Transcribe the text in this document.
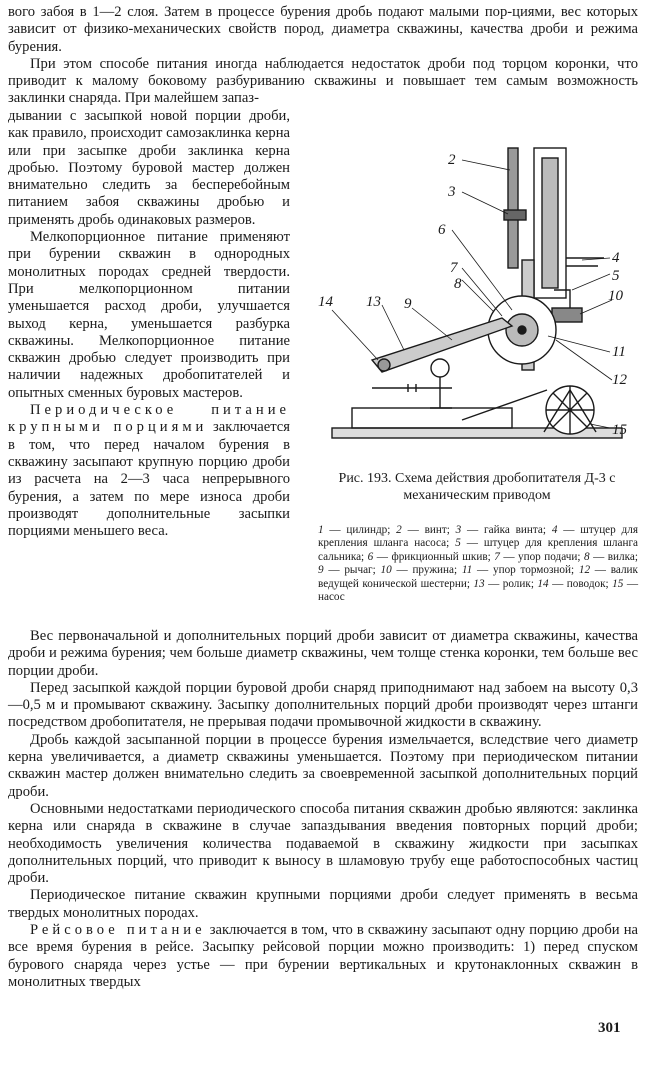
вого забоя в 1—2 слоя. Затем в процессе бурения дробь подают малыми пор-циями, вес которых зависит от физико-механических свойств пород, диаметра скважины, качества дроби и режима бурения.

При этом способе питания иногда наблюдается недостаток дроби под торцом коронки, что приводит к малому боковому разбуриванию скважины и повышает тем самым возможность заклинки снаряда. При малейшем запаз-

дывании с засыпкой новой порции дроби, как правило, происходит самозаклинка керна или при засыпке дроби заклинка керна дробью. Поэтому буровой мастер должен внимательно следить за бесперебойным питанием забоя скважины дробью и применять дробь одинаковых размеров.

Мелкопорционное питание применяют при бурении скважин в однородных монолитных породах средней твердости. При мелкопорционном питании уменьшается расход дроби, улучшается выход керна, уменьшается разбурка скважины. Мелкопорционное питание скважин дробью следует производить при наличии надежных дробопитателей и опытных сменных буровых мастеров.

Периодическое питание крупными порциями заключается в том, что перед началом бурения в скважину засыпают крупную порцию дроби из расчета на 2—3 часа непрерывного бурения, а затем по мере износа дроби производят дополнительные засыпки порциями меньшего веса.

2
3
6
7
8
9
13
14
4
5
10
11
12
15
Рис. 193. Схема действия дробопитателя Д-3 с механическим приводом
1 — цилиндр; 2 — винт; 3 — гайка винта; 4 — штуцер для крепления шланга насоса; 5 — штуцер для крепления шланга сальника; 6 — фрикционный шкив; 7 — упор подачи; 8 — вилка; 9 — рычаг; 10 — пружина; 11 — упор тормозной; 12 — валик ведущей конической шестерни; 13 — ролик; 14 — поводок; 15 — насос

Вес первоначальной и дополнительных порций дроби зависит от диаметра скважины, качества дроби и режима бурения; чем больше диаметр скважины, чем толще стенка коронки, тем больше вес порции дроби.

Перед засыпкой каждой порции буровой дроби снаряд приподнимают над забоем на высоту 0,3—0,5 м и промывают скважину. Засыпку дополнительных порций дроби производят через штанги посредством дробопитателя, не прерывая подачи промывочной жидкости в скважину.

Дробь каждой засыпанной порции в процессе бурения измельчается, вследствие чего диаметр керна увеличивается, а диаметр скважины уменьшается. Поэтому при периодическом питании скважин мастер должен внимательно следить за своевременной засыпкой дополнительных порций дроби.

Основными недостатками периодического способа питания скважин дробью являются: заклинка керна или снаряда в скважине в случае запаздывания введения повторных порций дроби; необходимость увеличения количества подаваемой в скважину жидкости при засыпках дополнительных порций, что приводит к выносу в шламовую трубу еще работоспособных частиц дроби.

Периодическое питание скважин крупными порциями дроби следует применять в весьма твердых монолитных породах.

Рейсовое питание заключается в том, что в скважину засыпают одну порцию дроби на все время бурения в рейсе. Засыпку рейсовой порции можно производить: 1) перед спуском бурового снаряда через устье — при бурении вертикальных и крутонаклонных скважин в монолитных твердых

301
